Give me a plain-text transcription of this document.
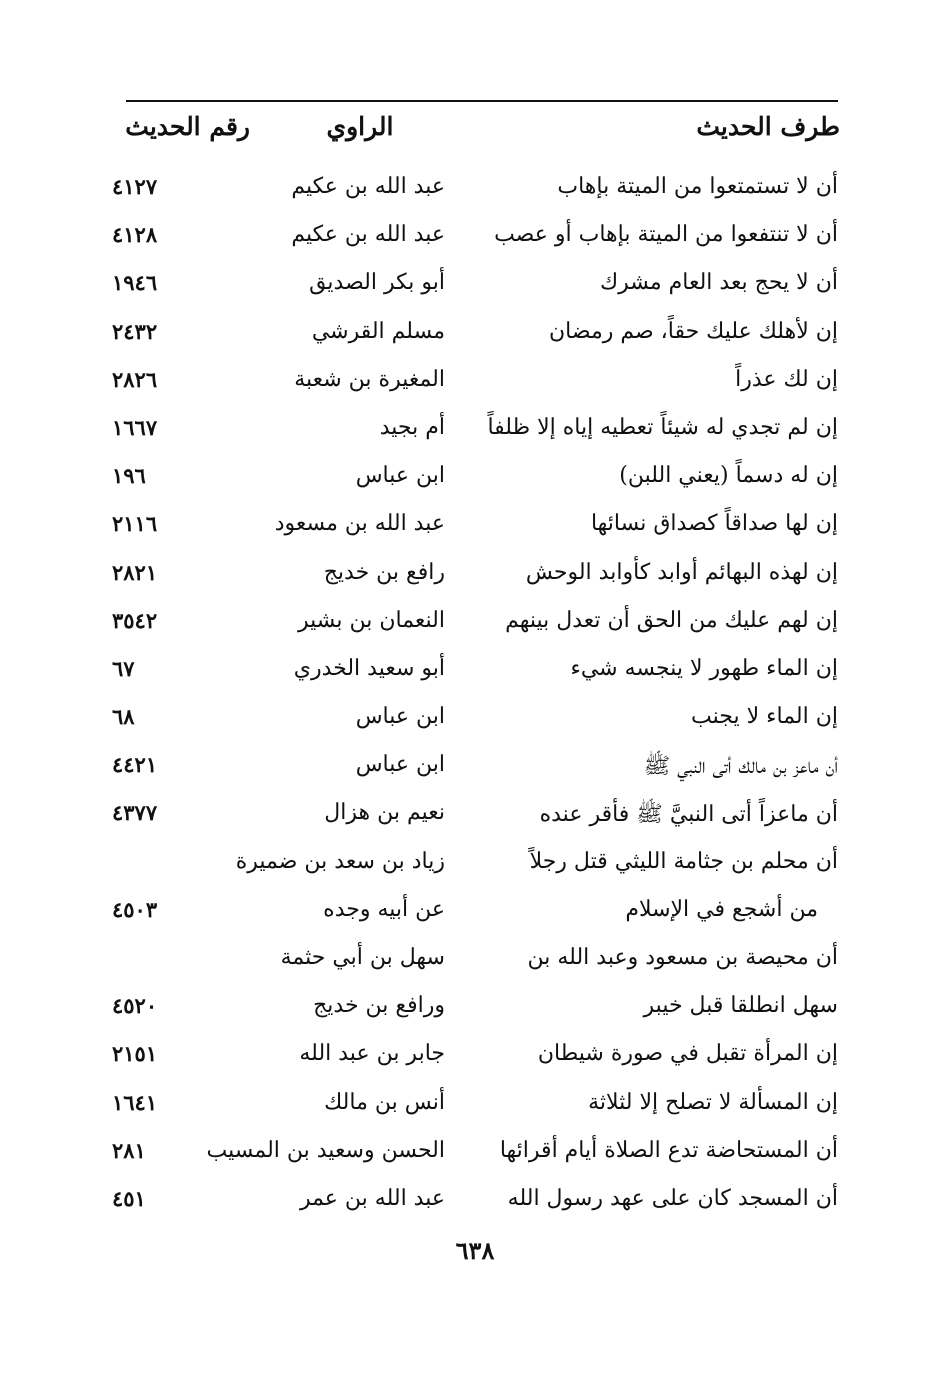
طرف الحديث
الراوي
رقم الحديث
أن لا تستمتعوا من الميتة بإهاب
عبد الله بن عكيم
٤١٢٧
أن لا تنتفعوا من الميتة بإهاب أو عصب
عبد الله بن عكيم
٤١٢٨
أن لا يحج بعد العام مشرك
أبو بكر الصديق
١٩٤٦
إن لأهلك عليك حقاً، صم رمضان
مسلم القرشي
٢٤٣٢
إن لك عذراً
المغيرة بن شعبة
٢٨٢٦
إن لم تجدي له شيئاً تعطيه إياه إلا ظلفاً
أم بجيد
١٦٦٧
إن له دسماً (يعني اللبن)
ابن عباس
١٩٦
إن لها صداقاً كصداق نسائها
عبد الله بن مسعود
٢١١٦
إن لهذه البهائم أوابد كأوابد الوحش
رافع بن خديج
٢٨٢١
إن لهم عليك من الحق أن تعدل بينهم
النعمان بن بشير
٣٥٤٢
إن الماء طهور لا ينجسه شيء
أبو سعيد الخدري
٦٧
إن الماء لا يجنب
ابن عباس
٦٨
أن ماعز بن مالك أتى النبي ﷺ
ابن عباس
٤٤٢١
أن ماعزاً أتى النبيَّ ﷺ فأقر عنده
نعيم بن هزال
٤٣٧٧
أن محلم بن جثامة الليثي قتل رجلاً
زياد بن سعد بن ضميرة
من أشجع في الإسلام
عن أبيه وجده
٤٥٠٣
أن محيصة بن مسعود وعبد الله بن
سهل بن أبي حثمة
سهل انطلقا قبل خيبر
ورافع بن خديج
٤٥٢٠
إن المرأة تقبل في صورة شيطان
جابر بن عبد الله
٢١٥١
إن المسألة لا تصلح إلا لثلاثة
أنس بن مالك
١٦٤١
أن المستحاضة تدع الصلاة أيام أقرائها
الحسن وسعيد بن المسيب
٢٨١
أن المسجد كان على عهد رسول الله
عبد الله بن عمر
٤٥١
٦٣٨
